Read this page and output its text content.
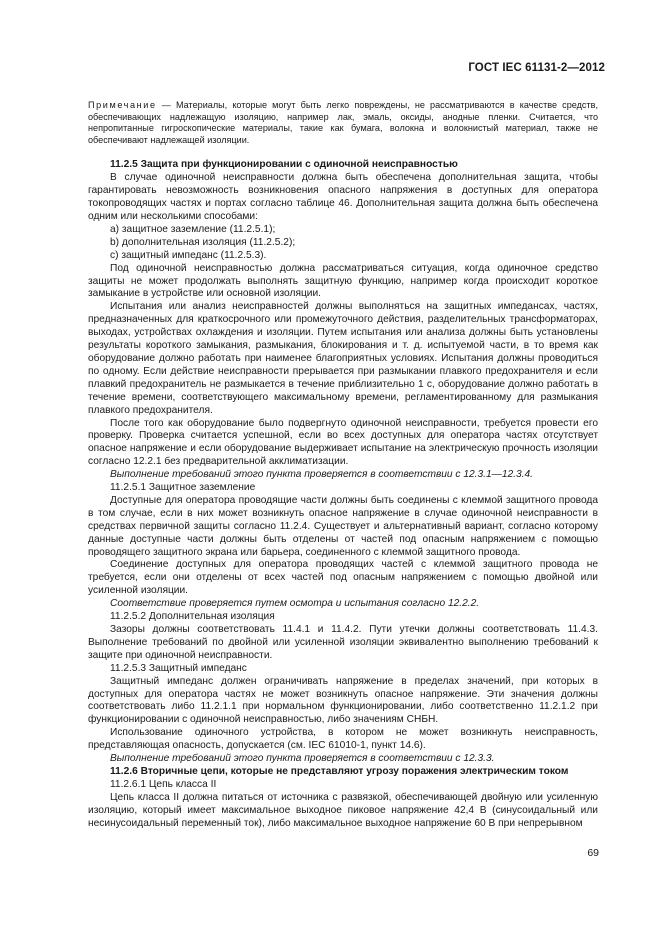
ГОСТ IEC 61131-2—2012

Примечание — Материалы, которые могут быть легко повреждены, не рассматриваются в качестве средств, обеспечивающих надлежащую изоляцию, например лак, эмаль, оксиды, анодные пленки. Считается, что непропитанные гигроскопические материалы, такие как бумага, волокна и волокнистый материал, также не обеспечивают надлежащей изоляции.

11.2.5 Защита при функционировании с одиночной неисправностью

В случае одиночной неисправности должна быть обеспечена дополнительная защита, чтобы гарантировать невозможность возникновения опасного напряжения в доступных для оператора токопроводящих частях и портах согласно таблице 46. Дополнительная защита должна быть обеспечена одним или несколькими способами:

a) защитное заземление (11.2.5.1);

b) дополнительная изоляция (11.2.5.2);

c) защитный импеданс (11.2.5.3).

Под одиночной неисправностью должна рассматриваться ситуация, когда одиночное средство защиты не может продолжать выполнять защитную функцию, например когда происходит короткое замыкание в устройстве или основной изоляции.

Испытания или анализ неисправностей должны выполняться на защитных импедансах, частях, предназначенных для краткосрочного или промежуточного действия, разделительных трансформаторах, выходах, устройствах охлаждения и изоляции. Путем испытания или анализа должны быть установлены результаты короткого замыкания, размыкания, блокирования и т. д. испытуемой части, в то время как оборудование должно работать при наименее благоприятных условиях. Испытания должны проводиться по одному. Если действие неисправности прерывается при размыкании плавкого предохранителя и если плавкий предохранитель не размыкается в течение приблизительно 1 с, оборудование должно работать в течение времени, соответствующего максимальному времени, регламентированному для размыкания плавкого предохранителя.

После того как оборудование было подвергнуто одиночной неисправности, требуется провести его проверку. Проверка считается успешной, если во всех доступных для оператора частях отсутствует опасное напряжение и если оборудование выдерживает испытание на электрическую прочность изоляции согласно 12.2.1 без предварительной акклиматизации.

Выполнение требований этого пункта проверяется в соответствии с 12.3.1—12.3.4.

11.2.5.1 Защитное заземление

Доступные для оператора проводящие части должны быть соединены с клеммой защитного провода в том случае, если в них может возникнуть опасное напряжение в случае одиночной неисправности в средствах первичной защиты согласно 11.2.4. Существует и альтернативный вариант, согласно которому данные доступные части должны быть отделены от частей под опасным напряжением с помощью проводящего защитного экрана или барьера, соединенного с клеммой защитного провода.

Соединение доступных для оператора проводящих частей с клеммой защитного провода не требуется, если они отделены от всех частей под опасным напряжением с помощью двойной или усиленной изоляции.

Соответствие проверяется путем осмотра и испытания согласно 12.2.2.

11.2.5.2 Дополнительная изоляция

Зазоры должны соответствовать 11.4.1 и 11.4.2. Пути утечки должны соответствовать 11.4.3. Выполнение требований по двойной или усиленной изоляции эквивалентно выполнению требований к защите при одиночной неисправности.

11.2.5.3 Защитный импеданс

Защитный импеданс должен ограничивать напряжение в пределах значений, при которых в доступных для оператора частях не может возникнуть опасное напряжение. Эти значения должны соответствовать либо 11.2.1.1 при нормальном функционировании, либо соответственно 11.2.1.2 при функционировании с одиночной неисправностью, либо значениям СНБН.

Использование одиночного устройства, в котором не может возникнуть неисправность, представляющая опасность, допускается (см. IEC 61010-1, пункт 14.6).

Выполнение требований этого пункта проверяется в соответствии с 12.3.3.

11.2.6 Вторичные цепи, которые не представляют угрозу поражения электрическим током

11.2.6.1 Цепь класса II

Цепь класса II должна питаться от источника с развязкой, обеспечивающей двойную или усиленную изоляцию, который имеет максимальное выходное пиковое напряжение 42,4 В (синусоидальный или несинусоидальный переменный ток), либо максимальное выходное напряжение 60 В при непрерывном

69
